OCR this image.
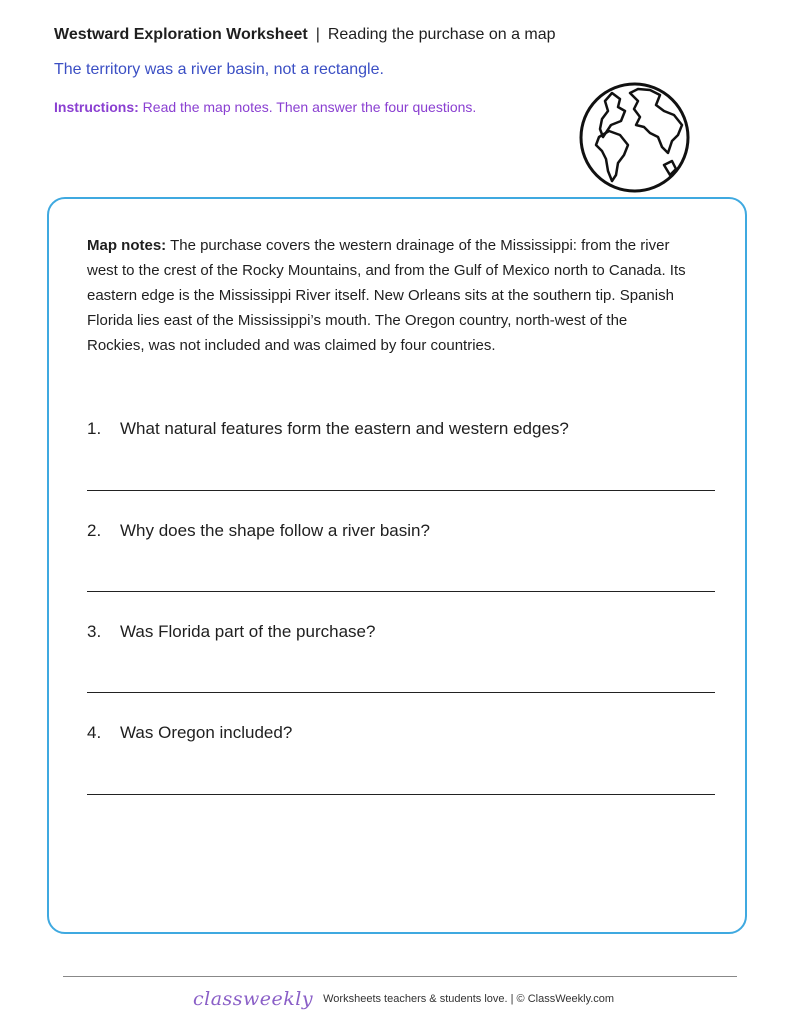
Westward Exploration Worksheet | Reading the purchase on a map
The territory was a river basin, not a rectangle.
Instructions: Read the map notes. Then answer the four questions.
Map notes: The purchase covers the western drainage of the Mississippi: from the river west to the crest of the Rocky Mountains, and from the Gulf of Mexico north to Canada. Its eastern edge is the Mississippi River itself. New Orleans sits at the southern tip. Spanish Florida lies east of the Mississippi’s mouth. The Oregon country, north-west of the Rockies, was not included and was claimed by four countries.
1. What natural features form the eastern and western edges?
2. Why does the shape follow a river basin?
3. Was Florida part of the purchase?
4. Was Oregon included?
classweekly Worksheets teachers & students love. | © ClassWeekly.com
